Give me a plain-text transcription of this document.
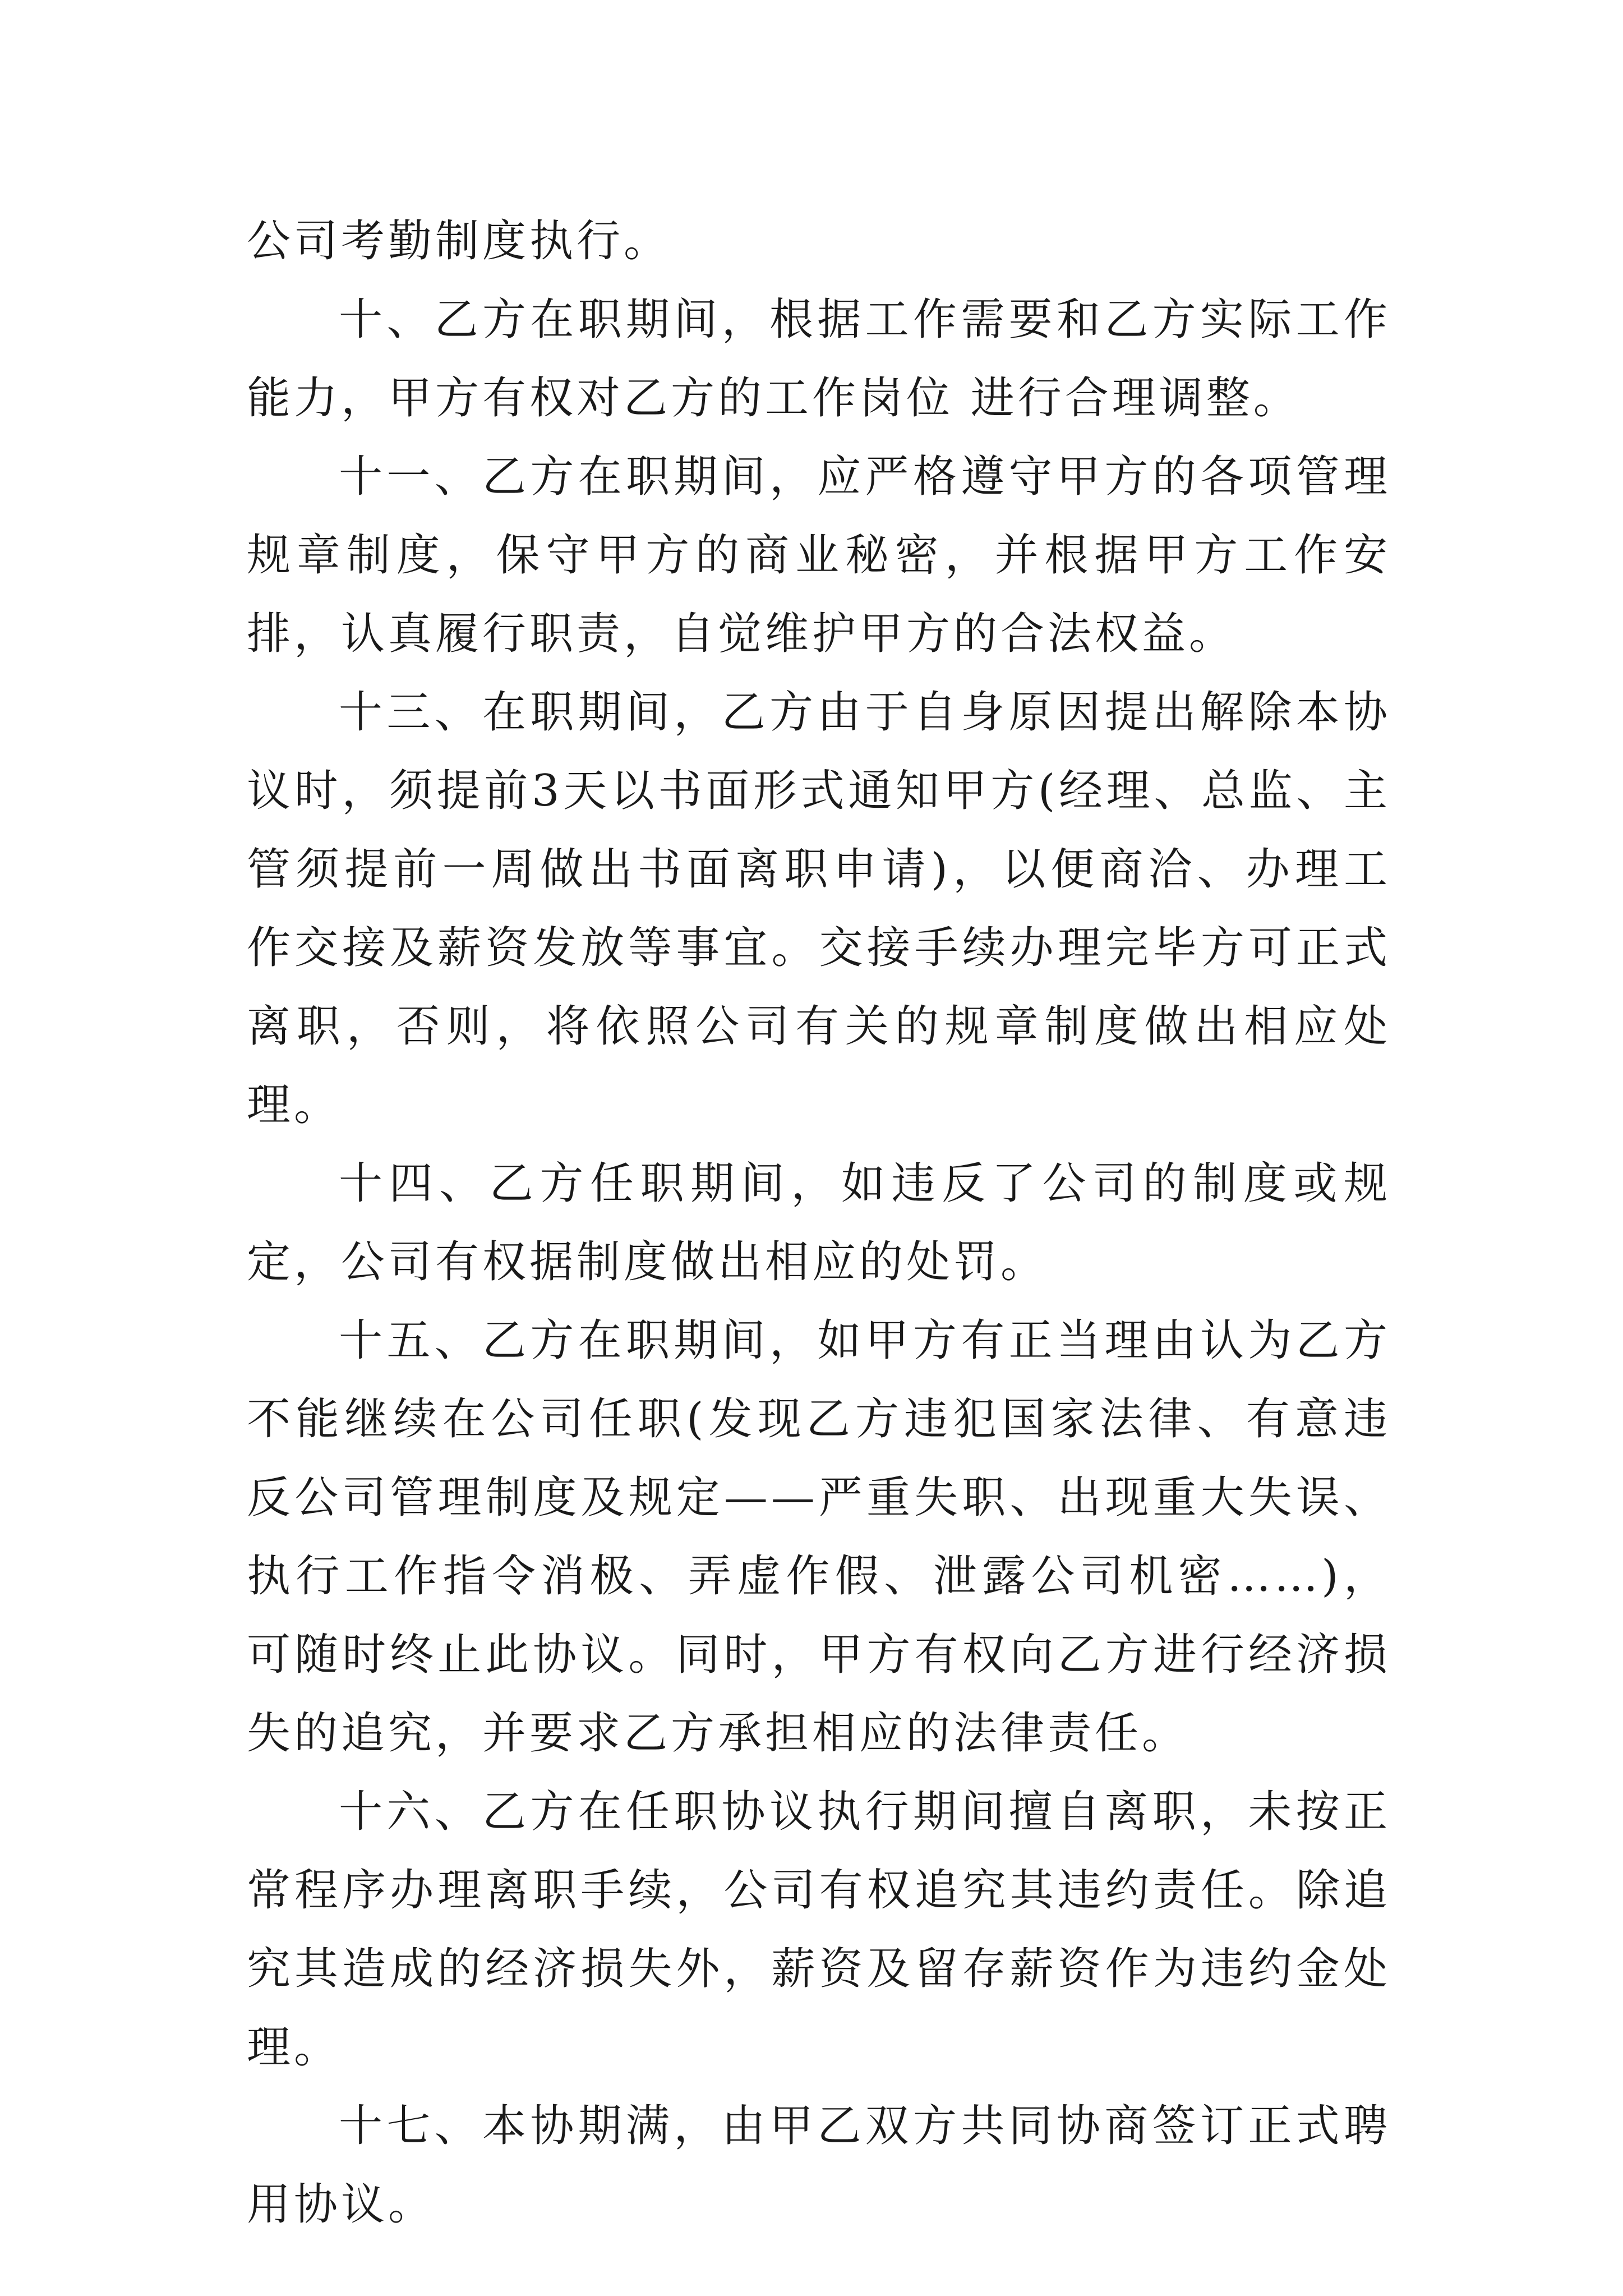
公司考勤制度执行。

十、乙方在职期间，根据工作需要和乙方实际工作能力，甲方有权对乙方的工作岗位 进行合理调整。

十一、乙方在职期间，应严格遵守甲方的各项管理规章制度，保守甲方的商业秘密，并根据甲方工作安排，认真履行职责，自觉维护甲方的合法权益。

十三、在职期间，乙方由于自身原因提出解除本协议时，须提前3天以书面形式通知甲方(经理、总监、主管须提前一周做出书面离职申请)，以便商洽、办理工作交接及薪资发放等事宜。交接手续办理完毕方可正式离职，否则，将依照公司有关的规章制度做出相应处理。

十四、乙方任职期间，如违反了公司的制度或规定，公司有权据制度做出相应的处罚。

十五、乙方在职期间，如甲方有正当理由认为乙方不能继续在公司任职(发现乙方违犯国家法律、有意违反公司管理制度及规定——严重失职、出现重大失误、执行工作指令消极、弄虚作假、泄露公司机密……)，可随时终止此协议。同时，甲方有权向乙方进行经济损失的追究，并要求乙方承担相应的法律责任。

十六、乙方在任职协议执行期间擅自离职，未按正常程序办理离职手续，公司有权追究其违约责任。除追究其造成的经济损失外，薪资及留存薪资作为违约金处理。

十七、本协期满，由甲乙双方共同协商签订正式聘用协议。
